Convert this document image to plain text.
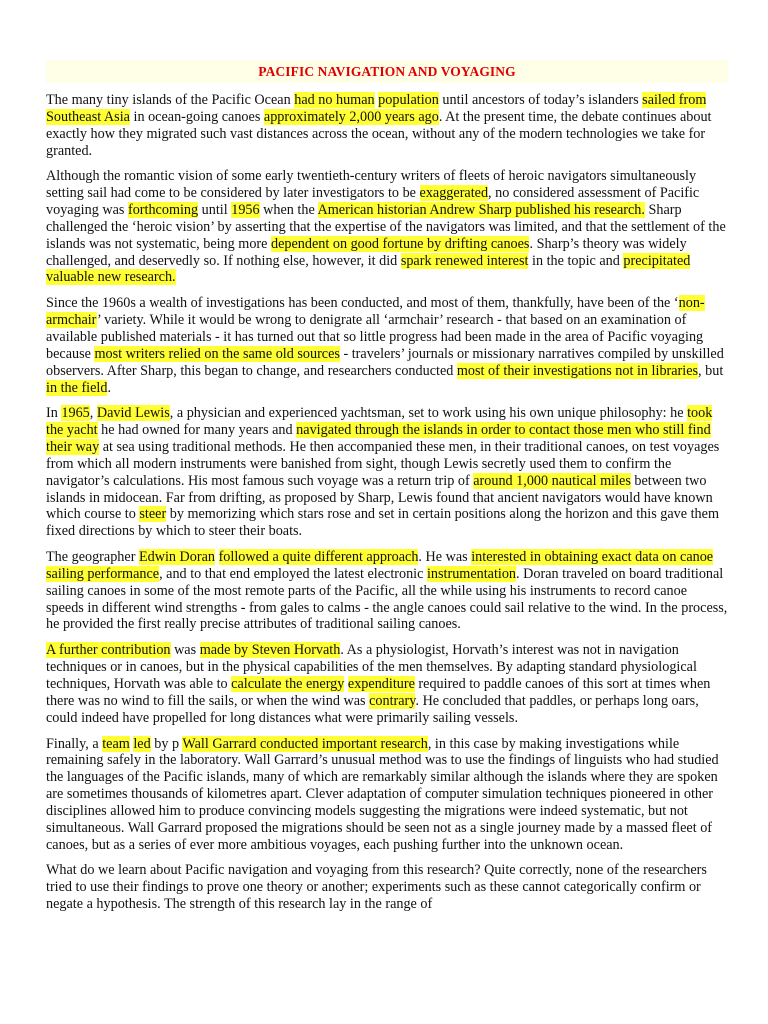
PACIFIC NAVIGATION AND VOYAGING

The many tiny islands of the Pacific Ocean had no human population until ancestors of today’s islanders sailed from Southeast Asia in ocean-going canoes approximately 2,000 years ago. At the present time, the debate continues about exactly how they migrated such vast distances across the ocean, without any of the modern technologies we take for granted.

Although the romantic vision of some early twentieth-century writers of fleets of heroic navigators simultaneously setting sail had come to be considered by later investigators to be exaggerated, no considered assessment of Pacific voyaging was forthcoming until 1956 when the American historian Andrew Sharp published his research. Sharp challenged the ‘heroic vision’ by asserting that the expertise of the navigators was limited, and that the settlement of the islands was not systematic, being more dependent on good fortune by drifting canoes. Sharp’s theory was widely challenged, and deservedly so. If nothing else, however, it did spark renewed interest in the topic and precipitated valuable new research.

Since the 1960s a wealth of investigations has been conducted, and most of them, thankfully, have been of the ‘non-armchair’ variety. While it would be wrong to denigrate all ‘armchair’ research - that based on an examination of available published materials - it has turned out that so little progress had been made in the area of Pacific voyaging because most writers relied on the same old sources - travelers’ journals or missionary narratives compiled by unskilled observers. After Sharp, this began to change, and researchers conducted most of their investigations not in libraries, but in the field.

In 1965, David Lewis, a physician and experienced yachtsman, set to work using his own unique philosophy: he took the yacht he had owned for many years and navigated through the islands in order to contact those men who still find their way at sea using traditional methods. He then accompanied these men, in their traditional canoes, on test voyages from which all modern instruments were banished from sight, though Lewis secretly used them to confirm the navigator’s calculations. His most famous such voyage was a return trip of around 1,000 nautical miles between two islands in midocean. Far from drifting, as proposed by Sharp, Lewis found that ancient navigators would have known which course to steer by memorizing which stars rose and set in certain positions along the horizon and this gave them fixed directions by which to steer their boats.

The geographer Edwin Doran followed a quite different approach. He was interested in obtaining exact data on canoe sailing performance, and to that end employed the latest electronic instrumentation. Doran traveled on board traditional sailing canoes in some of the most remote parts of the Pacific, all the while using his instruments to record canoe speeds in different wind strengths - from gales to calms - the angle canoes could sail relative to the wind. In the process, he provided the first really precise attributes of traditional sailing canoes.

A further contribution was made by Steven Horvath. As a physiologist, Horvath’s interest was not in navigation techniques or in canoes, but in the physical capabilities of the men themselves. By adapting standard physiological techniques, Horvath was able to calculate the energy expenditure required to paddle canoes of this sort at times when there was no wind to fill the sails, or when the wind was contrary. He concluded that paddles, or perhaps long oars, could indeed have propelled for long distances what were primarily sailing vessels.

Finally, a team led by p Wall Garrard conducted important research, in this case by making investigations while remaining safely in the laboratory. Wall Garrard’s unusual method was to use the findings of linguists who had studied the languages of the Pacific islands, many of which are remarkably similar although the islands where they are spoken are sometimes thousands of kilometres apart. Clever adaptation of computer simulation techniques pioneered in other disciplines allowed him to produce convincing models suggesting the migrations were indeed systematic, but not simultaneous. Wall Garrard proposed the migrations should be seen not as a single journey made by a massed fleet of canoes, but as a series of ever more ambitious voyages, each pushing further into the unknown ocean.

What do we learn about Pacific navigation and voyaging from this research? Quite correctly, none of the researchers tried to use their findings to prove one theory or another; experiments such as these cannot categorically confirm or negate a hypothesis. The strength of this research lay in the range of
